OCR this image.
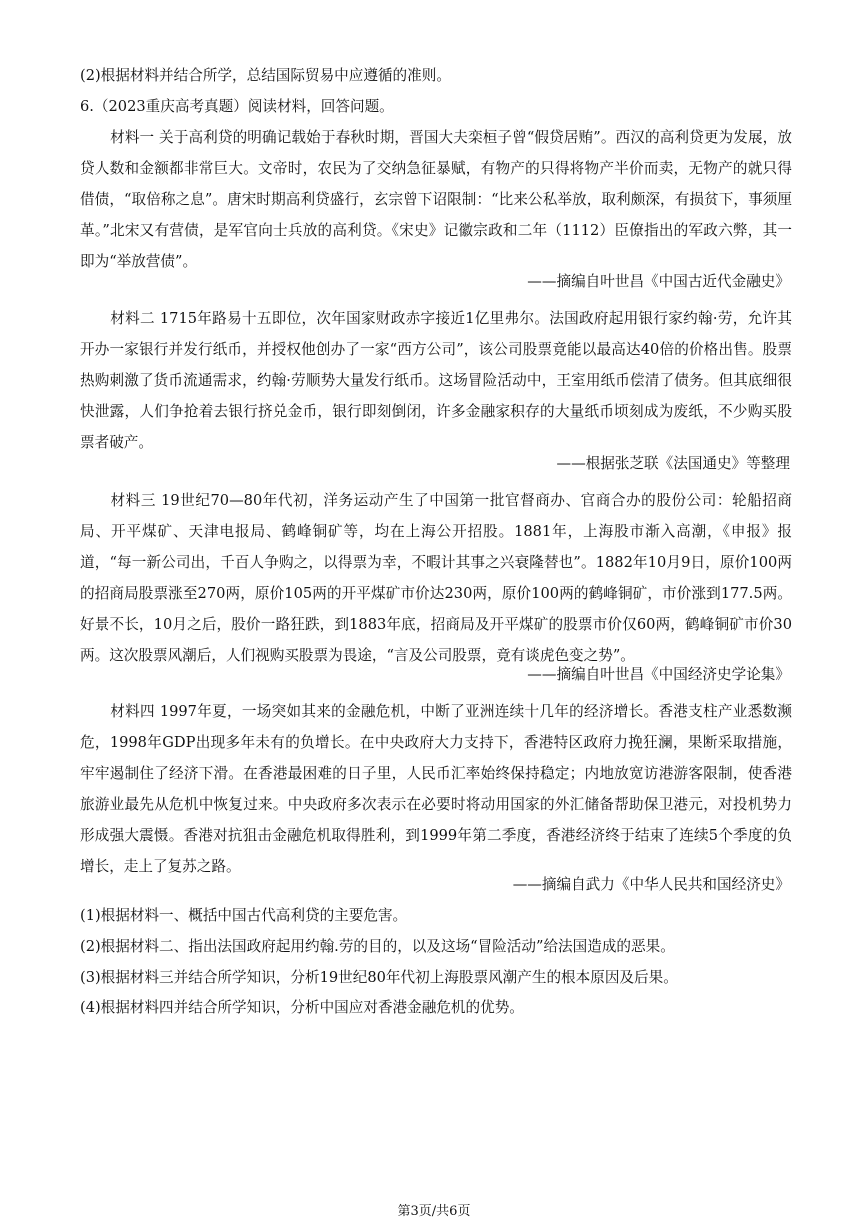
(2)根据材料并结合所学，总结国际贸易中应遵循的准则。
6.（2023重庆高考真题）阅读材料，回答问题。
材料一 关于高利贷的明确记载始于春秋时期，晋国大夫栾桓子曾“假贷居贿”。西汉的高利贷更为发展，放贷人数和金额都非常巨大。文帝时，农民为了交纳急征暴赋，有物产的只得将物产半价而卖，无物产的就只得借债，“取倍称之息”。唐宋时期高利贷盛行，玄宗曾下诏限制：“比来公私举放，取利颇深，有损贫下，事须厘革。”北宋又有营债，是军官向士兵放的高利贷。《宋史》记徽宗政和二年（1112）臣僚指出的军政六弊，其一即为“举放营债”。
——摘编自叶世昌《中国古近代金融史》
材料二 1715年路易十五即位，次年国家财政赤字接近1亿里弗尔。法国政府起用银行家约翰·劳，允许其开办一家银行并发行纸币，并授权他创办了一家“西方公司”，该公司股票竟能以最高达40倍的价格出售。股票热购刺激了货币流通需求，约翰·劳顺势大量发行纸币。这场冒险活动中，王室用纸币偿清了债务。但其底细很快泄露，人们争抢着去银行挤兑金币，银行即刻倒闭，许多金融家积存的大量纸币顷刻成为废纸，不少购买股票者破产。
——根据张芝联《法国通史》等整理
材料三 19世纪70—80年代初，洋务运动产生了中国第一批官督商办、官商合办的股份公司：轮船招商局、开平煤矿、天津电报局、鹤峰铜矿等，均在上海公开招股。1881年，上海股市渐入高潮，《申报》报道，“每一新公司出，千百人争购之，以得票为幸，不暇计其事之兴衰隆替也”。1882年10月9日，原价100两的招商局股票涨至270两，原价105两的开平煤矿市价达230两，原价100两的鹤峰铜矿，市价涨到177.5两。好景不长，10月之后，股价一路狂跌，到1883年底，招商局及开平煤矿的股票市价仅60两，鹤峰铜矿市价30两。这次股票风潮后，人们视购买股票为畏途，“言及公司股票，竟有谈虎色变之势”。
——摘编自叶世昌《中国经济史学论集》
材料四 1997年夏，一场突如其来的金融危机，中断了亚洲连续十几年的经济增长。香港支柱产业悉数濒危，1998年GDP出现多年未有的负增长。在中央政府大力支持下，香港特区政府力挽狂澜，果断采取措施，牢牢遏制住了经济下滑。在香港最困难的日子里，人民币汇率始终保持稳定；内地放宽访港游客限制，使香港旅游业最先从危机中恢复过来。中央政府多次表示在必要时将动用国家的外汇储备帮助保卫港元，对投机势力形成强大震慑。香港对抗狙击金融危机取得胜利，到1999年第二季度，香港经济终于结束了连续5个季度的负增长，走上了复苏之路。
——摘编自武力《中华人民共和国经济史》
(1)根据材料一、概括中国古代高利贷的主要危害。
(2)根据材料二、指出法国政府起用约翰.劳的目的，以及这场“冒险活动”给法国造成的恶果。
(3)根据材料三并结合所学知识，分析19世纪80年代初上海股票风潮产生的根本原因及后果。
(4)根据材料四并结合所学知识，分析中国应对香港金融危机的优势。
第3页/共6页
